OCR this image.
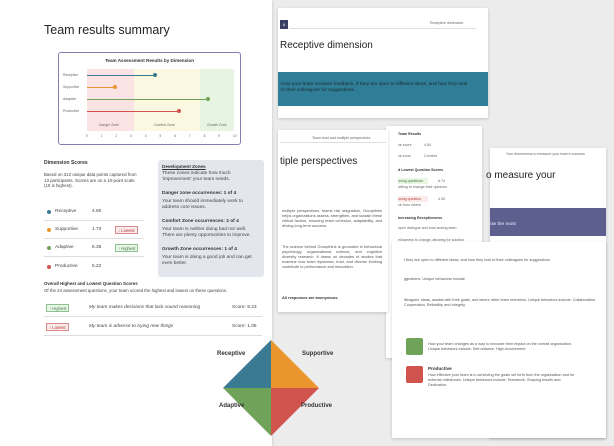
Team results summary
Team Assessment Results by Dimension
Danger Zone	Comfort Zone	Growth Zone
Receptive
Supportive
Adaptive
Productive
0	1	2	3	4	5	6	7	8	9	10
Dimension Scores
Based on 312 unique data points captured from 13 participants. Scores are on a 10-point scale (10 is highest).
Receptive	4.60
Supportive	1.73	↓ Lowest
Adaptive	8.36	↑ Highest
Productive	5.22
Development Zones
These zones indicate how much 'improvement' your team needs.
Danger zone occurrences: 1 of 4
Your team should immediately work to address core issues.
Comfort Zone occurrences: 2 of 4
Your team is neither doing bad nor well. There are plenty opportunities to improve.
Growth Zone occurrences: 1 of 4
Your team is doing a good job and can get even better.
Overall Highest and Lowest Question Scores
Of the 24 assessment questions, your team scored the highest and lowest on these questions.
↑ Highest	My team makes decisions that lack sound reasoning	Score: 9.23
↓ Lowest	My team is adverse to trying new things	Score: 1.05
Receptive	Supportive
Adaptive	Productive
6	Receptive dimension
Receptive dimension
How your team receives feedback. If they are open to different ideas, and how they look to their colleagues for suggestions.
Team Results
ve score	4.60
ve zone	Comfort
d Lowest Question Scores
ucing questions	6.74
willing to change their opinions
ucing question	4.05
ck from others
Increasing Receptiveness
open dialogue and trust among team
ellowness to change, allowing for solution
Team trust and multiple perspectives
tiple perspectives
multiple perspectives, teams risk stagnation, Groupthink helps organizations assess, strengthen, and sustain these critical factors, ensuring team cohesion, adaptability, and driving long-term success.
The science behind Groupthink is grounded in behavioral psychology, organizational science, and cognitive diversity research. It draws on decades of studies that examine how team dynamics, trust, and diverse thinking contribute to performance and innovation.
All responses are anonymous.
Your dimensions to measure your team's success
o measure your
ow the most
f they are open to different ideas, and how they look to their colleagues for suggestions.
ggestions. Unique behaviors include
llleagues' ideas, assists with their goals, and where other team members. Unique behaviors include: Collaboration, Cooperation, Reliability and Integrity.
How your team changes as a way to innovate their impact on the overall organization. Unique behaviors include: Self-reliance, High-involvement.
Productive
How effective your team is in achieving the goals set forth from the organization and for external milestones. Unique behaviors include: Teamwork, Shaping results and Dedication.
